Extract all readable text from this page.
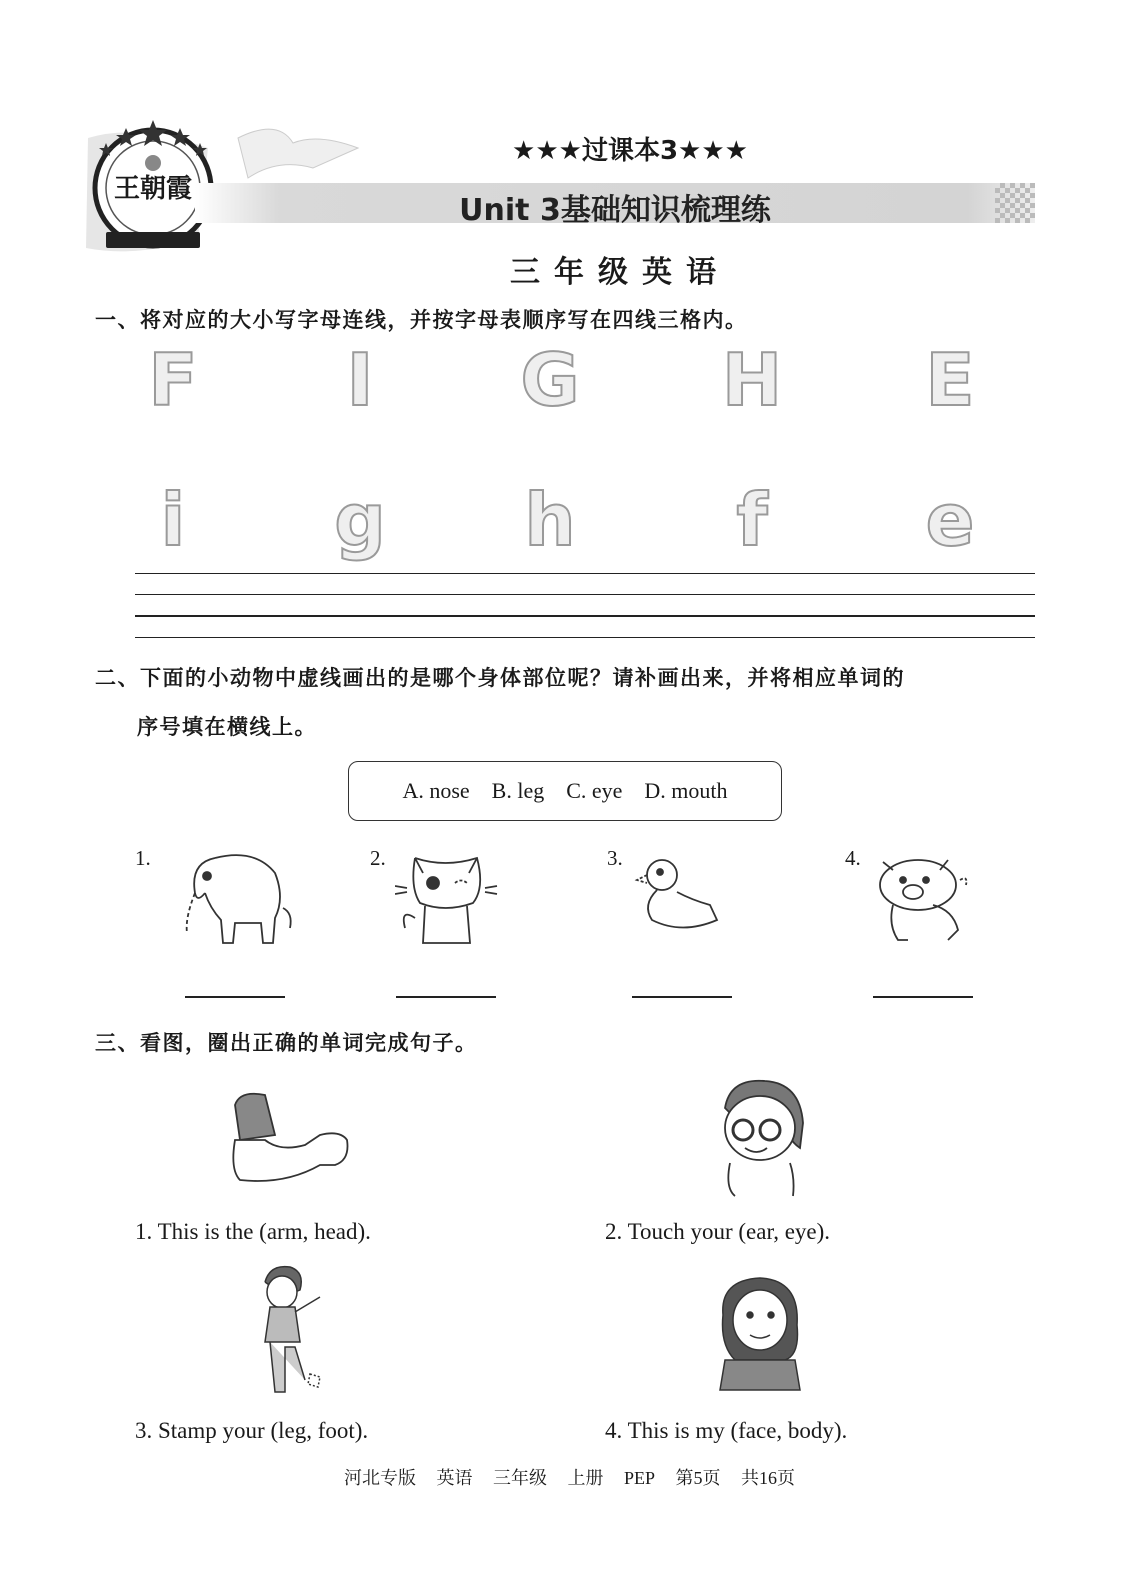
王朝霞
★★★过课本3★★★
Unit 3基础知识梳理练
三年级英语
一、将对应的大小写字母连线，并按字母表顺序写在四线三格内。
F	I	G H E
i	g h	f	e
二、下面的小动物中虚线画出的是哪个身体部位呢？请补画出来，并将相应单词的
序号填在横线上。
A. nose B. leg C. eye D. mouth
1.	2.	3.	4.
三、看图，圈出正确的单词完成句子。
1. This is the (arm, head).	2. Touch your (ear, eye).
3. Stamp your (leg, foot).	4. This is my (face, body).
河北专版 英语 三年级 上册 PEP 第5页 共16页
